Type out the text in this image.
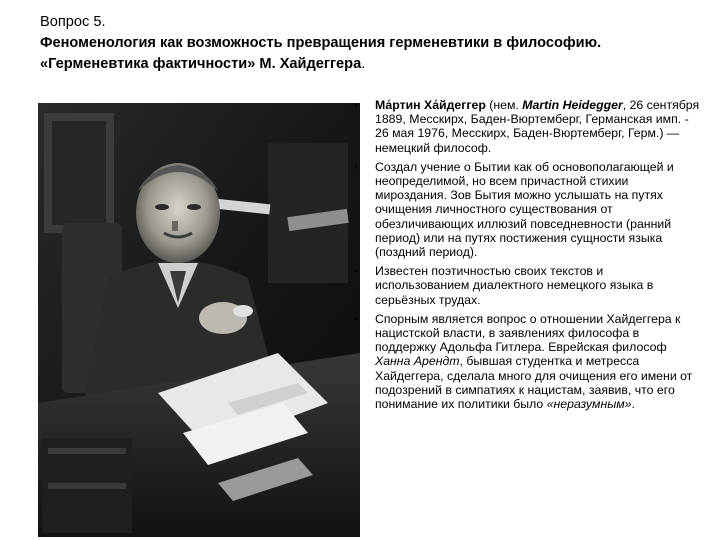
Вопрос 5.
Феноменология как возможность превращения герменевтики в философию. «Герменевтика фактичности» М. Хайдеггера.
• Ма́ртин Ха́йдеггер (нем. Martin Heidegger, 26 сентября 1889, Месскирх, Баден-Вюртемберг, Германская имп. - 26 мая 1976, Месскирх, Баден-Вюртемберг, Герм.) — немецкий философ.
• Создал учение о Бытии как об основополагающей и неопределимой, но всем причастной стихии мироздания. Зов Бытия можно услышать на путях очищения личностного существования от обезличивающих иллюзий повседневности (ранний период) или на путях постижения сущности языка (поздний период).
• Известен поэтичностью своих текстов и использованием диалектного немецкого языка в серьёзных трудах.
• Спорным является вопрос о отношении Хайдеггера к нацистской власти, в заявлениях философа в поддержку Адольфа Гитлера. Еврейская философ Ханна Арендт, бывшая студентка и метресса Хайдеггера, сделала много для очищения его имени от подозрений в симпатиях к нацистам, заявив, что его понимание их политики было «неразумным».
